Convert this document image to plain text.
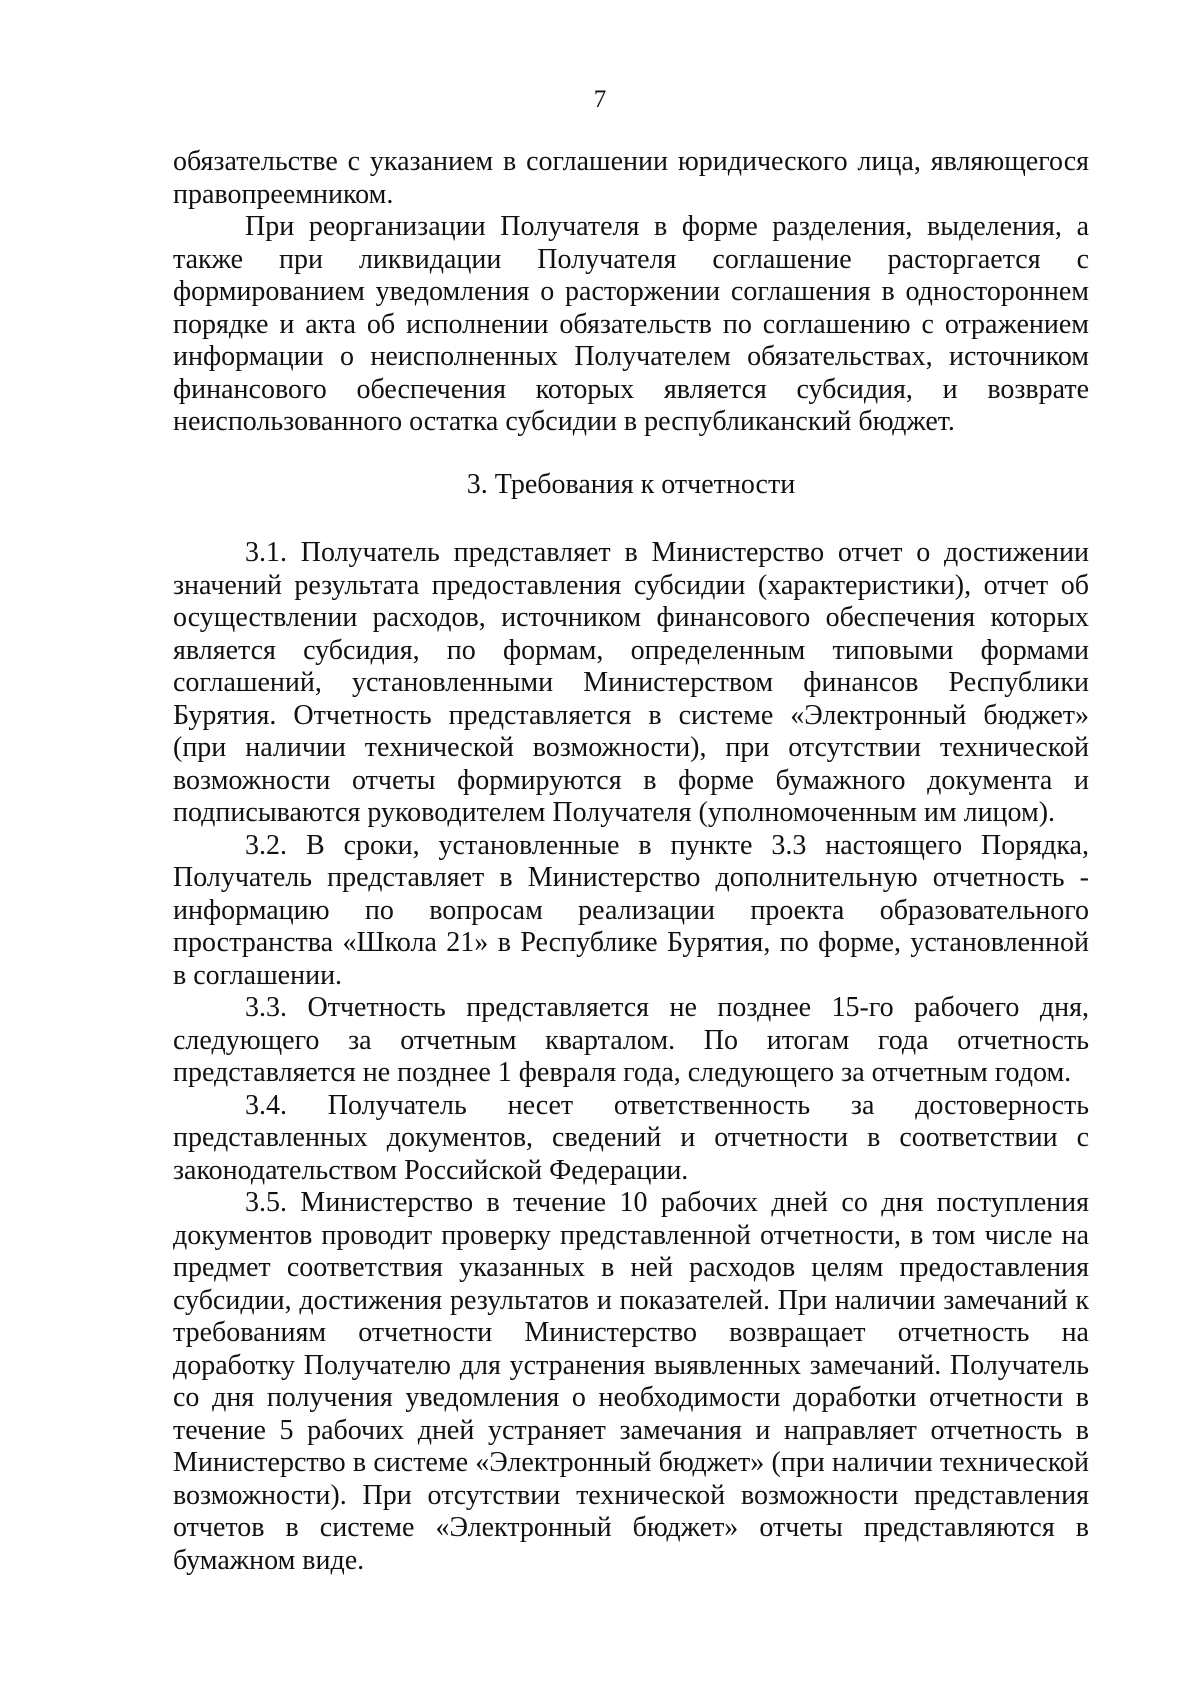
7

обязательстве с указанием в соглашении юридического лица, являющегося правопреемником.

При реорганизации Получателя в форме разделения, выделения, а также при ликвидации Получателя соглашение расторгается с формированием уведомления о расторжении соглашения в одностороннем порядке и акта об исполнении обязательств по соглашению с отражением информации о неисполненных Получателем обязательствах, источником финансового обеспечения которых является субсидия, и возврате неиспользованного остатка субсидии в республиканский бюджет.

3. Требования к отчетности

3.1. Получатель представляет в Министерство отчет о достижении значений результата предоставления субсидии (характеристики), отчет об осуществлении расходов, источником финансового обеспечения которых является субсидия, по формам, определенным типовыми формами соглашений, установленными Министерством финансов Республики Бурятия. Отчетность представляется в системе «Электронный бюджет» (при наличии технической возможности), при отсутствии технической возможности отчеты формируются в форме бумажного документа и подписываются руководителем Получателя (уполномоченным им лицом).

3.2. В сроки, установленные в пункте 3.3 настоящего Порядка, Получатель представляет в Министерство дополнительную отчетность - информацию по вопросам реализации проекта образовательного пространства «Школа 21» в Республике Бурятия, по форме, установленной в соглашении.

3.3. Отчетность представляется не позднее 15-го рабочего дня, следующего за отчетным кварталом. По итогам года отчетность представляется не позднее 1 февраля года, следующего за отчетным годом.

3.4. Получатель несет ответственность за достоверность представленных документов, сведений и отчетности в соответствии с законодательством Российской Федерации.

3.5. Министерство в течение 10 рабочих дней со дня поступления документов проводит проверку представленной отчетности, в том числе на предмет соответствия указанных в ней расходов целям предоставления субсидии, достижения результатов и показателей. При наличии замечаний к требованиям отчетности Министерство возвращает отчетность на доработку Получателю для устранения выявленных замечаний. Получатель со дня получения уведомления о необходимости доработки отчетности в течение 5 рабочих дней устраняет замечания и направляет отчетность в Министерство в системе «Электронный бюджет» (при наличии технической возможности). При отсутствии технической возможности представления отчетов в системе «Электронный бюджет» отчеты представляются в бумажном виде.
